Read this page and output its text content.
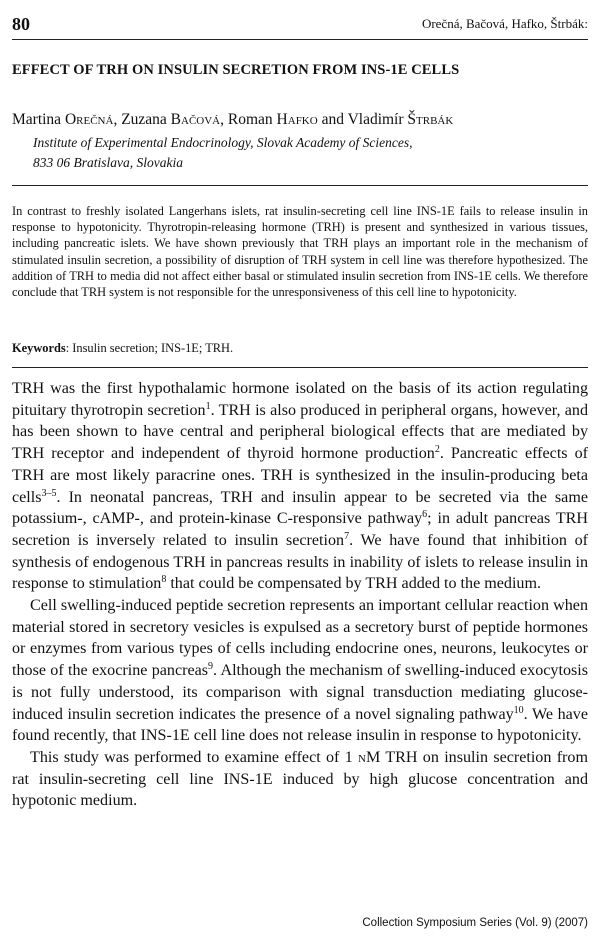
80	Orečná, Bačová, Hafko, Štrbák:
EFFECT OF TRH ON INSULIN SECRETION FROM INS-1E CELLS
Martina Orečná, Zuzana Bačová, Roman Hafko and Vladimír Štrbák
Institute of Experimental Endocrinology, Slovak Academy of Sciences,
833 06 Bratislava, Slovakia
In contrast to freshly isolated Langerhans islets, rat insulin-secreting cell line INS-1E fails to release insulin in response to hypotonicity. Thyrotropin-releasing hormone (TRH) is present and synthesized in various tissues, including pancreatic islets. We have shown previously that TRH plays an important role in the mechanism of stimulated insulin secretion, a possibility of disruption of TRH system in cell line was therefore hypothesized. The addition of TRH to media did not affect either basal or stimulated insulin secretion from INS-1E cells. We therefore conclude that TRH system is not responsible for the unresponsiveness of this cell line to hypotonicity.
Keywords: Insulin secretion; INS-1E; TRH.

TRH was the first hypothalamic hormone isolated on the basis of its action regulating pituitary thyrotropin secretion$^1$. TRH is also produced in peripheral organs, however, and has been shown to have central and peripheral biological effects that are mediated by TRH receptor and independent of thyroid hormone production$^2$. Pancreatic effects of TRH are most likely paracrine ones. TRH is synthesized in the insulin-producing beta cells$^{3-5}$. In neonatal pancreas, TRH and insulin appear to be secreted via the same potassium-, cAMP-, and protein-kinase C-responsive pathway$^6$; in adult pancreas TRH secretion is inversely related to insulin secretion$^7$. We have found that inhibition of synthesis of endogenous TRH in pancreas results in inability of islets to release insulin in response to stimulation$^8$ that could be compensated by TRH added to the medium.

Cell swelling-induced peptide secretion represents an important cellular reaction when material stored in secretory vesicles is expulsed as a secretory burst of peptide hormones or enzymes from various types of cells including endocrine ones, neurons, leukocytes or those of the exocrine pancreas$^9$. Although the mechanism of swelling-induced exocytosis is not fully understood, its comparison with signal transduction mediating glucose-induced insulin secretion indicates the presence of a novel signaling pathway$^{10}$. We have found recently, that INS-1E cell line does not release insulin in response to hypotonicity.

This study was performed to examine effect of 1 nM TRH on insulin secretion from rat insulin-secreting cell line INS-1E induced by high glucose concentration and hypotonic medium.

Collection Symposium Series (Vol. 9) (2007)
